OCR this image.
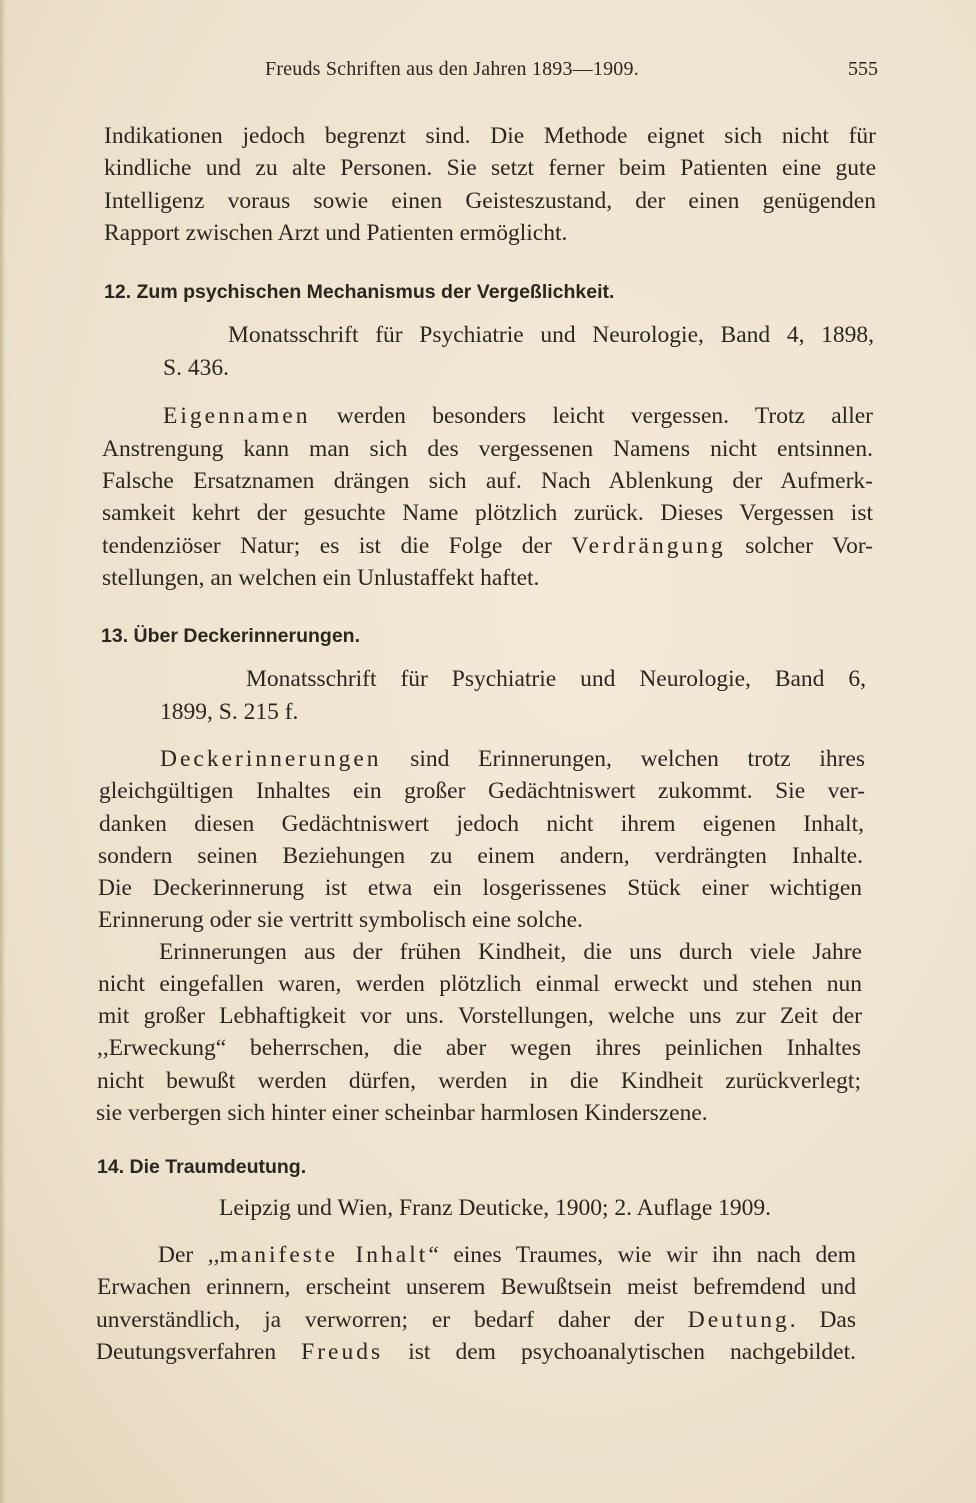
Freuds Schriften aus den Jahren 1893—1909.	555
Indikationen jedoch begrenzt sind. Die Methode eignet sich nicht für
kindliche und zu alte Personen. Sie setzt ferner beim Patienten eine gute
Intelligenz voraus sowie einen Geisteszustand, der einen genügenden
Rapport zwischen Arzt und Patienten ermöglicht.
12. Zum psychischen Mechanismus der Vergeßlichkeit.
Monatsschrift für Psychiatrie und Neurologie, Band 4, 1898,
S. 436.
Eigennamen werden besonders leicht vergessen. Trotz aller
Anstrengung kann man sich des vergessenen Namens nicht entsinnen.
Falsche Ersatznamen drängen sich auf. Nach Ablenkung der Aufmerk-
samkeit kehrt der gesuchte Name plötzlich zurück. Dieses Vergessen ist
tendenziöser Natur; es ist die Folge der Verdrängung solcher Vor-
stellungen, an welchen ein Unlustaffekt haftet.
13. Über Deckerinnerungen.
Monatsschrift für Psychiatrie und Neurologie, Band 6,
1899, S. 215 f.
Deckerinnerungen sind Erinnerungen, welchen trotz ihres
gleichgültigen Inhaltes ein großer Gedächtniswert zukommt. Sie ver-
danken diesen Gedächtniswert jedoch nicht ihrem eigenen Inhalt,
sondern seinen Beziehungen zu einem andern, verdrängten Inhalte.
Die Deckerinnerung ist etwa ein losgerissenes Stück einer wichtigen
Erinnerung oder sie vertritt symbolisch eine solche.
Erinnerungen aus der frühen Kindheit, die uns durch viele Jahre
nicht eingefallen waren, werden plötzlich einmal erweckt und stehen nun
mit großer Lebhaftigkeit vor uns. Vorstellungen, welche uns zur Zeit der
,,Erweckung“ beherrschen, die aber wegen ihres peinlichen Inhaltes
nicht bewußt werden dürfen, werden in die Kindheit zurückverlegt;
sie verbergen sich hinter einer scheinbar harmlosen Kinderszene.
14. Die Traumdeutung.
Leipzig und Wien, Franz Deuticke, 1900; 2. Auflage 1909.
Der ,,manifeste Inhalt“ eines Traumes, wie wir ihn nach dem
Erwachen erinnern, erscheint unserem Bewußtsein meist befremdend und
unverständlich, ja verworren; er bedarf daher der Deutung. Das
Deutungsverfahren Freuds ist dem psychoanalytischen nachgebildet.
